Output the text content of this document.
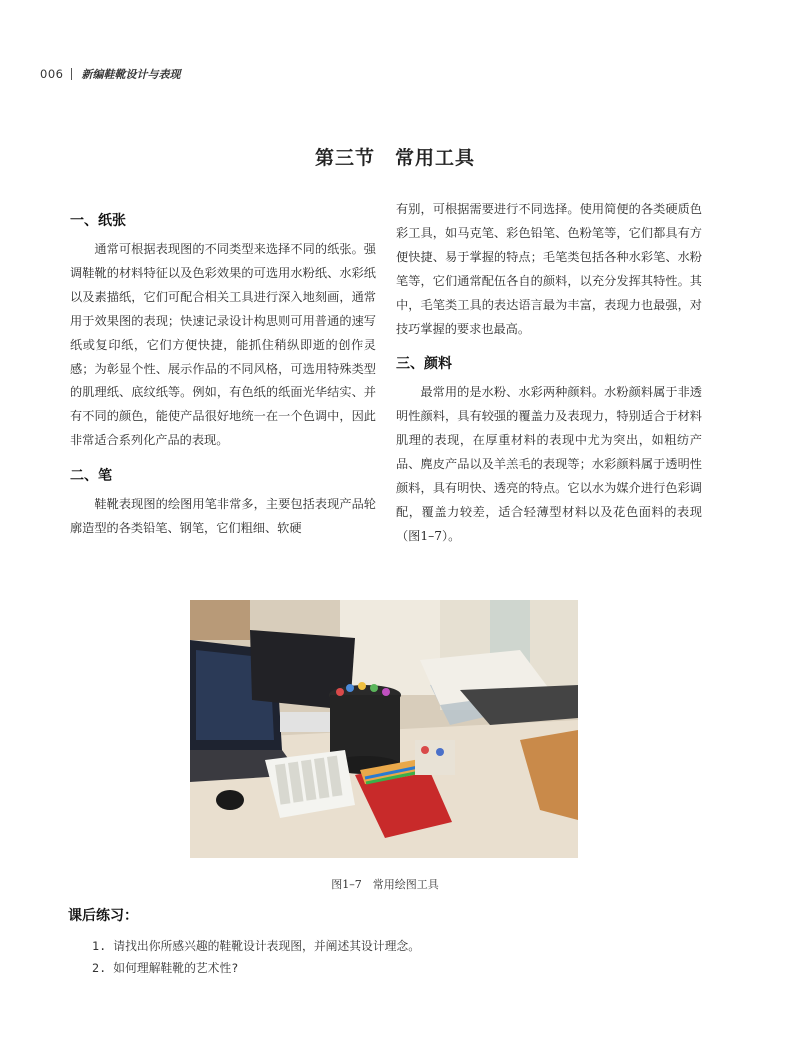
006 新编鞋靴设计与表现
第三节　常用工具
一、纸张

通常可根据表现图的不同类型来选择不同的纸张。强调鞋靴的材料特征以及色彩效果的可选用水粉纸、水彩纸以及素描纸，它们可配合相关工具进行深入地刻画，通常用于效果图的表现；快速记录设计构思则可用普通的速写纸或复印纸，它们方便快捷，能抓住稍纵即逝的创作灵感；为彰显个性、展示作品的不同风格，可选用特殊类型的肌理纸、底纹纸等。例如，有色纸的纸面光华结实、并有不同的颜色，能使产品很好地统一在一个色调中，因此非常适合系列化产品的表现。

二、笔

鞋靴表现图的绘图用笔非常多，主要包括表现产品轮廓造型的各类铅笔、钢笔，它们粗细、软硬

有别，可根据需要进行不同选择。使用简便的各类硬质色彩工具，如马克笔、彩色铅笔、色粉笔等，它们都具有方便快捷、易于掌握的特点；毛笔类包括各种水彩笔、水粉笔等，它们通常配伍各自的颜料，以充分发挥其特性。其中，毛笔类工具的表达语言最为丰富，表现力也最强，对技巧掌握的要求也最高。

三、颜料

最常用的是水粉、水彩两种颜料。水粉颜料属于非透明性颜料，具有较强的覆盖力及表现力，特别适合于材料肌理的表现，在厚重材料的表现中尤为突出，如粗纺产品、麂皮产品以及羊羔毛的表现等；水彩颜料属于透明性颜料，具有明快、透亮的特点。它以水为媒介进行色彩调配，覆盖力较差，适合轻薄型材料以及花色面料的表现（图1–7）。

图1–7　常用绘图工具
课后练习：
1. 请找出你所感兴趣的鞋靴设计表现图，并阐述其设计理念。
2. 如何理解鞋靴的艺术性?
